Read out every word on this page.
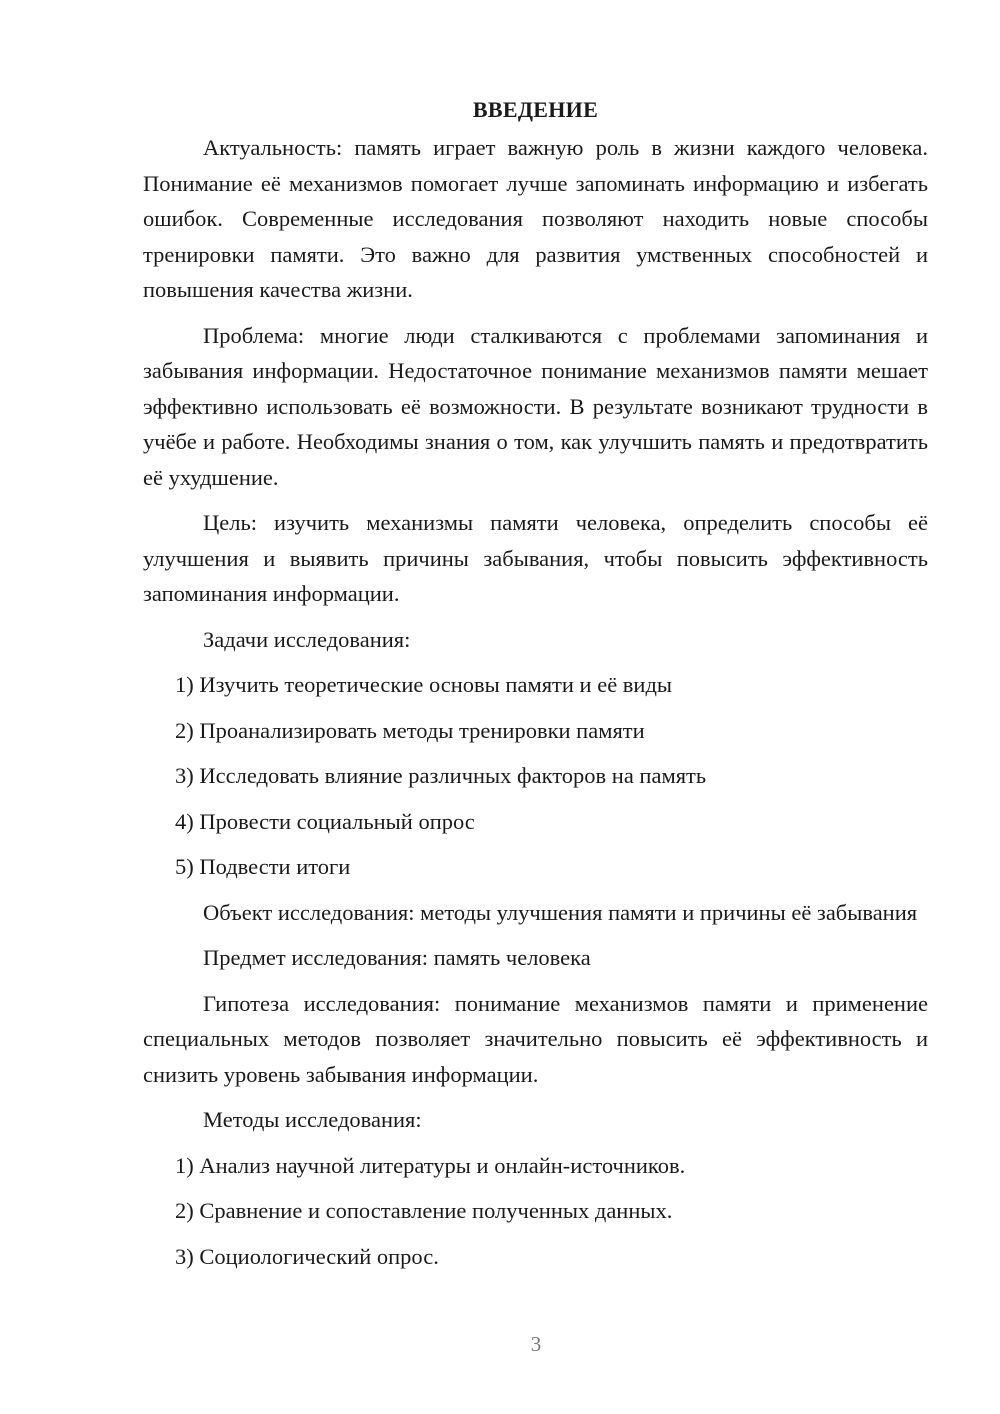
ВВЕДЕНИЕ

Актуальность: память играет важную роль в жизни каждого человека. Понимание её механизмов помогает лучше запоминать информацию и избегать ошибок. Современные исследования позволяют находить новые способы тренировки памяти. Это важно для развития умственных способностей и повышения качества жизни.

Проблема: многие люди сталкиваются с проблемами запоминания и забывания информации. Недостаточное понимание механизмов памяти мешает эффективно использовать её возможности. В результате возникают трудности в учёбе и работе. Необходимы знания о том, как улучшить память и предотвратить её ухудшение.

Цель: изучить механизмы памяти человека, определить способы её улучшения и выявить причины забывания, чтобы повысить эффективность запоминания информации.

Задачи исследования:

1) Изучить теоретические основы памяти и её виды
2) Проанализировать методы тренировки памяти
3) Исследовать влияние различных факторов на память
4) Провести социальный опрос
5) Подвести итоги

Объект исследования: методы улучшения памяти и причины её забывания

Предмет исследования: память человека

Гипотеза исследования: понимание механизмов памяти и применение специальных методов позволяет значительно повысить её эффективность и снизить уровень забывания информации.

Методы исследования:

1) Анализ научной литературы и онлайн-источников.
2) Сравнение и сопоставление полученных данных.
3) Социологический опрос.
3
